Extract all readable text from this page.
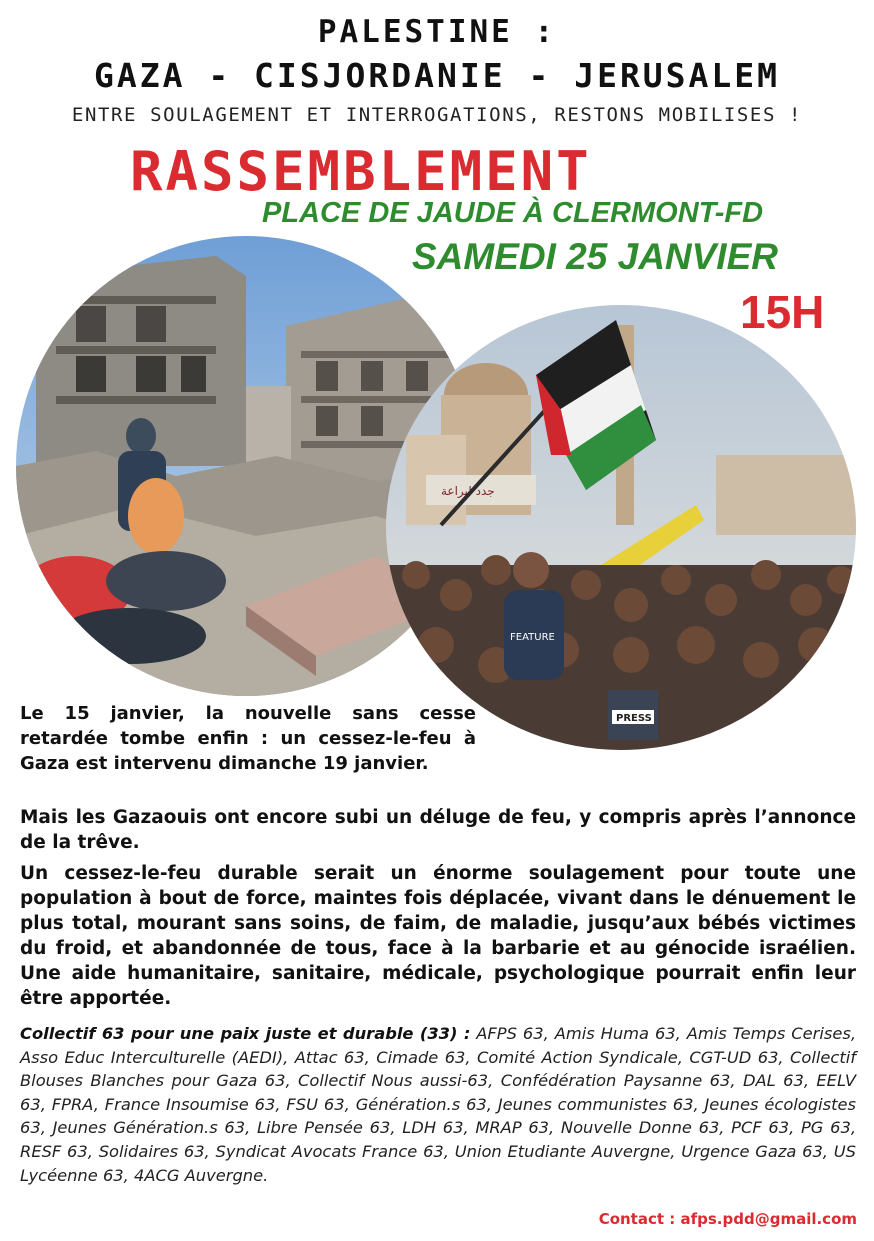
PALESTINE :
GAZA - CISJORDANIE - JERUSALEM
ENTRE SOULAGEMENT ET INTERROGATIONS, RESTONS MOBILISES !
RASSEMBLEMENT
PLACE DE JAUDE À CLERMONT-FD
SAMEDI 25 JANVIER
15H
جدد لبراعة
FEATURE
PRESS
Le 15 janvier, la nouvelle sans cesse retardée tombe enfin : un cessez-le-feu à Gaza est intervenu dimanche 19 janvier.
Mais les Gazaouis ont encore subi un déluge de feu, y compris après l’annonce de la trêve.
Un cessez-le-feu durable serait un énorme soulagement pour toute une population à bout de force, maintes fois déplacée, vivant dans le dénuement le plus total, mourant sans soins, de faim, de maladie, jusqu’aux bébés victimes du froid, et abandonnée de tous, face à la barbarie et au génocide israélien. Une aide humanitaire, sanitaire, médicale, psychologique pourrait enfin leur être apportée.
Collectif 63 pour une paix juste et durable (33) : AFPS 63, Amis Huma 63, Amis Temps Cerises, Asso Educ Interculturelle (AEDI), Attac 63, Cimade 63, Comité Action Syndicale, CGT-UD 63, Collectif Blouses Blanches pour Gaza 63, Collectif Nous aussi-63, Confédération Paysanne 63, DAL 63, EELV 63, FPRA, France Insoumise 63, FSU 63, Génération.s 63, Jeunes communistes 63, Jeunes écologistes 63, Jeunes Génération.s 63, Libre Pensée 63, LDH 63, MRAP 63, Nouvelle Donne 63, PCF 63, PG 63, RESF 63, Solidaires 63, Syndicat Avocats France 63, Union Etudiante Auvergne, Urgence Gaza 63, US Lycéenne 63, 4ACG Auvergne.
Contact : afps.pdd@gmail.com
